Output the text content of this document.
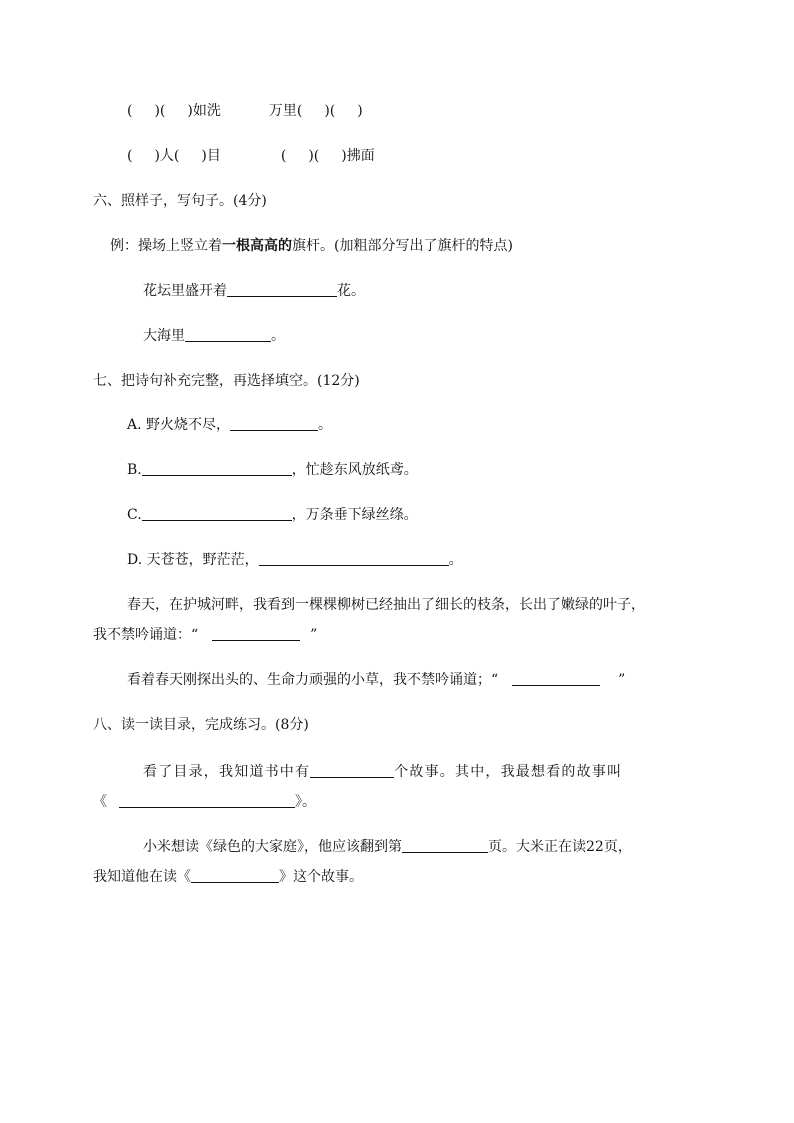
( )( )如洗	万里( )( )
( )人( )目	( )( )拂面
六、照样子，写句子。(4分)
例：操场上竖立着一根高高的旗杆。(加粗部分写出了旗杆的特点)
花坛里盛开着	花。
大海里	。
七、把诗句补充完整，再选择填空。(12分)
A. 野火烧不尽，	。
B.	，忙趁东风放纸鸢。
C.	，万条垂下绿丝绦。
D. 天苍苍，野茫茫，	。
春天，在护城河畔，我看到一棵棵柳树已经抽出了细长的枝条，长出了嫩绿的叶子，
我不禁吟诵道：“	”
看着春天刚探出头的、生命力顽强的小草，我不禁吟诵道；“	”
八、读一读目录，完成练习。(8分)
看了目录，我知道书中有	个故事。其中，我最想看的故事叫
《	》。
小米想读《绿色的大家庭》，他应该翻到第	页。大米正在读22页，
我知道他在读《	》这个故事。
